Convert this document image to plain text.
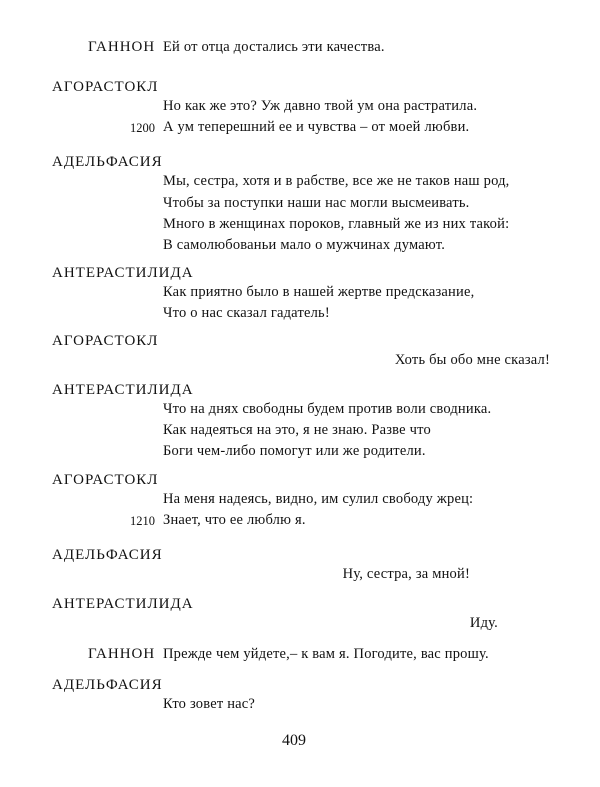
ГАННОН Ей от отца достались эти качества.
АГОРАСТОКЛ
Но как же это? Уж давно твой ум она растратила.
1200 А ум теперешний ее и чувства – от моей любви.
АДЕЛЬФАСИЯ
Мы, сестра, хотя и в рабстве, все же не таков наш род,
Чтобы за поступки наши нас могли высмеивать.
Много в женщинах пороков, главный же из них такой:
В самолюбованьи мало о мужчинах думают.
АНТЕРАСТИЛИДА
Как приятно было в нашей жертве предсказание,
Что о нас сказал гадатель!
АГОРАСТОКЛ
Хоть бы обо мне сказал!
АНТЕРАСТИЛИДА
Что на днях свободны будем против воли сводника.
Как надеяться на это, я не знаю. Разве что
Боги чем-либо помогут или же родители.
АГОРАСТОКЛ
На меня надеясь, видно, им сулил свободу жрец:
1210 Знает, что ее люблю я.
АДЕЛЬФАСИЯ
Ну, сестра, за мной!
АНТЕРАСТИЛИДА
Иду.
ГАННОН Прежде чем уйдете,– к вам я. Погодите, вас прошу.
АДЕЛЬФАСИЯ
Кто зовет нас?
409
